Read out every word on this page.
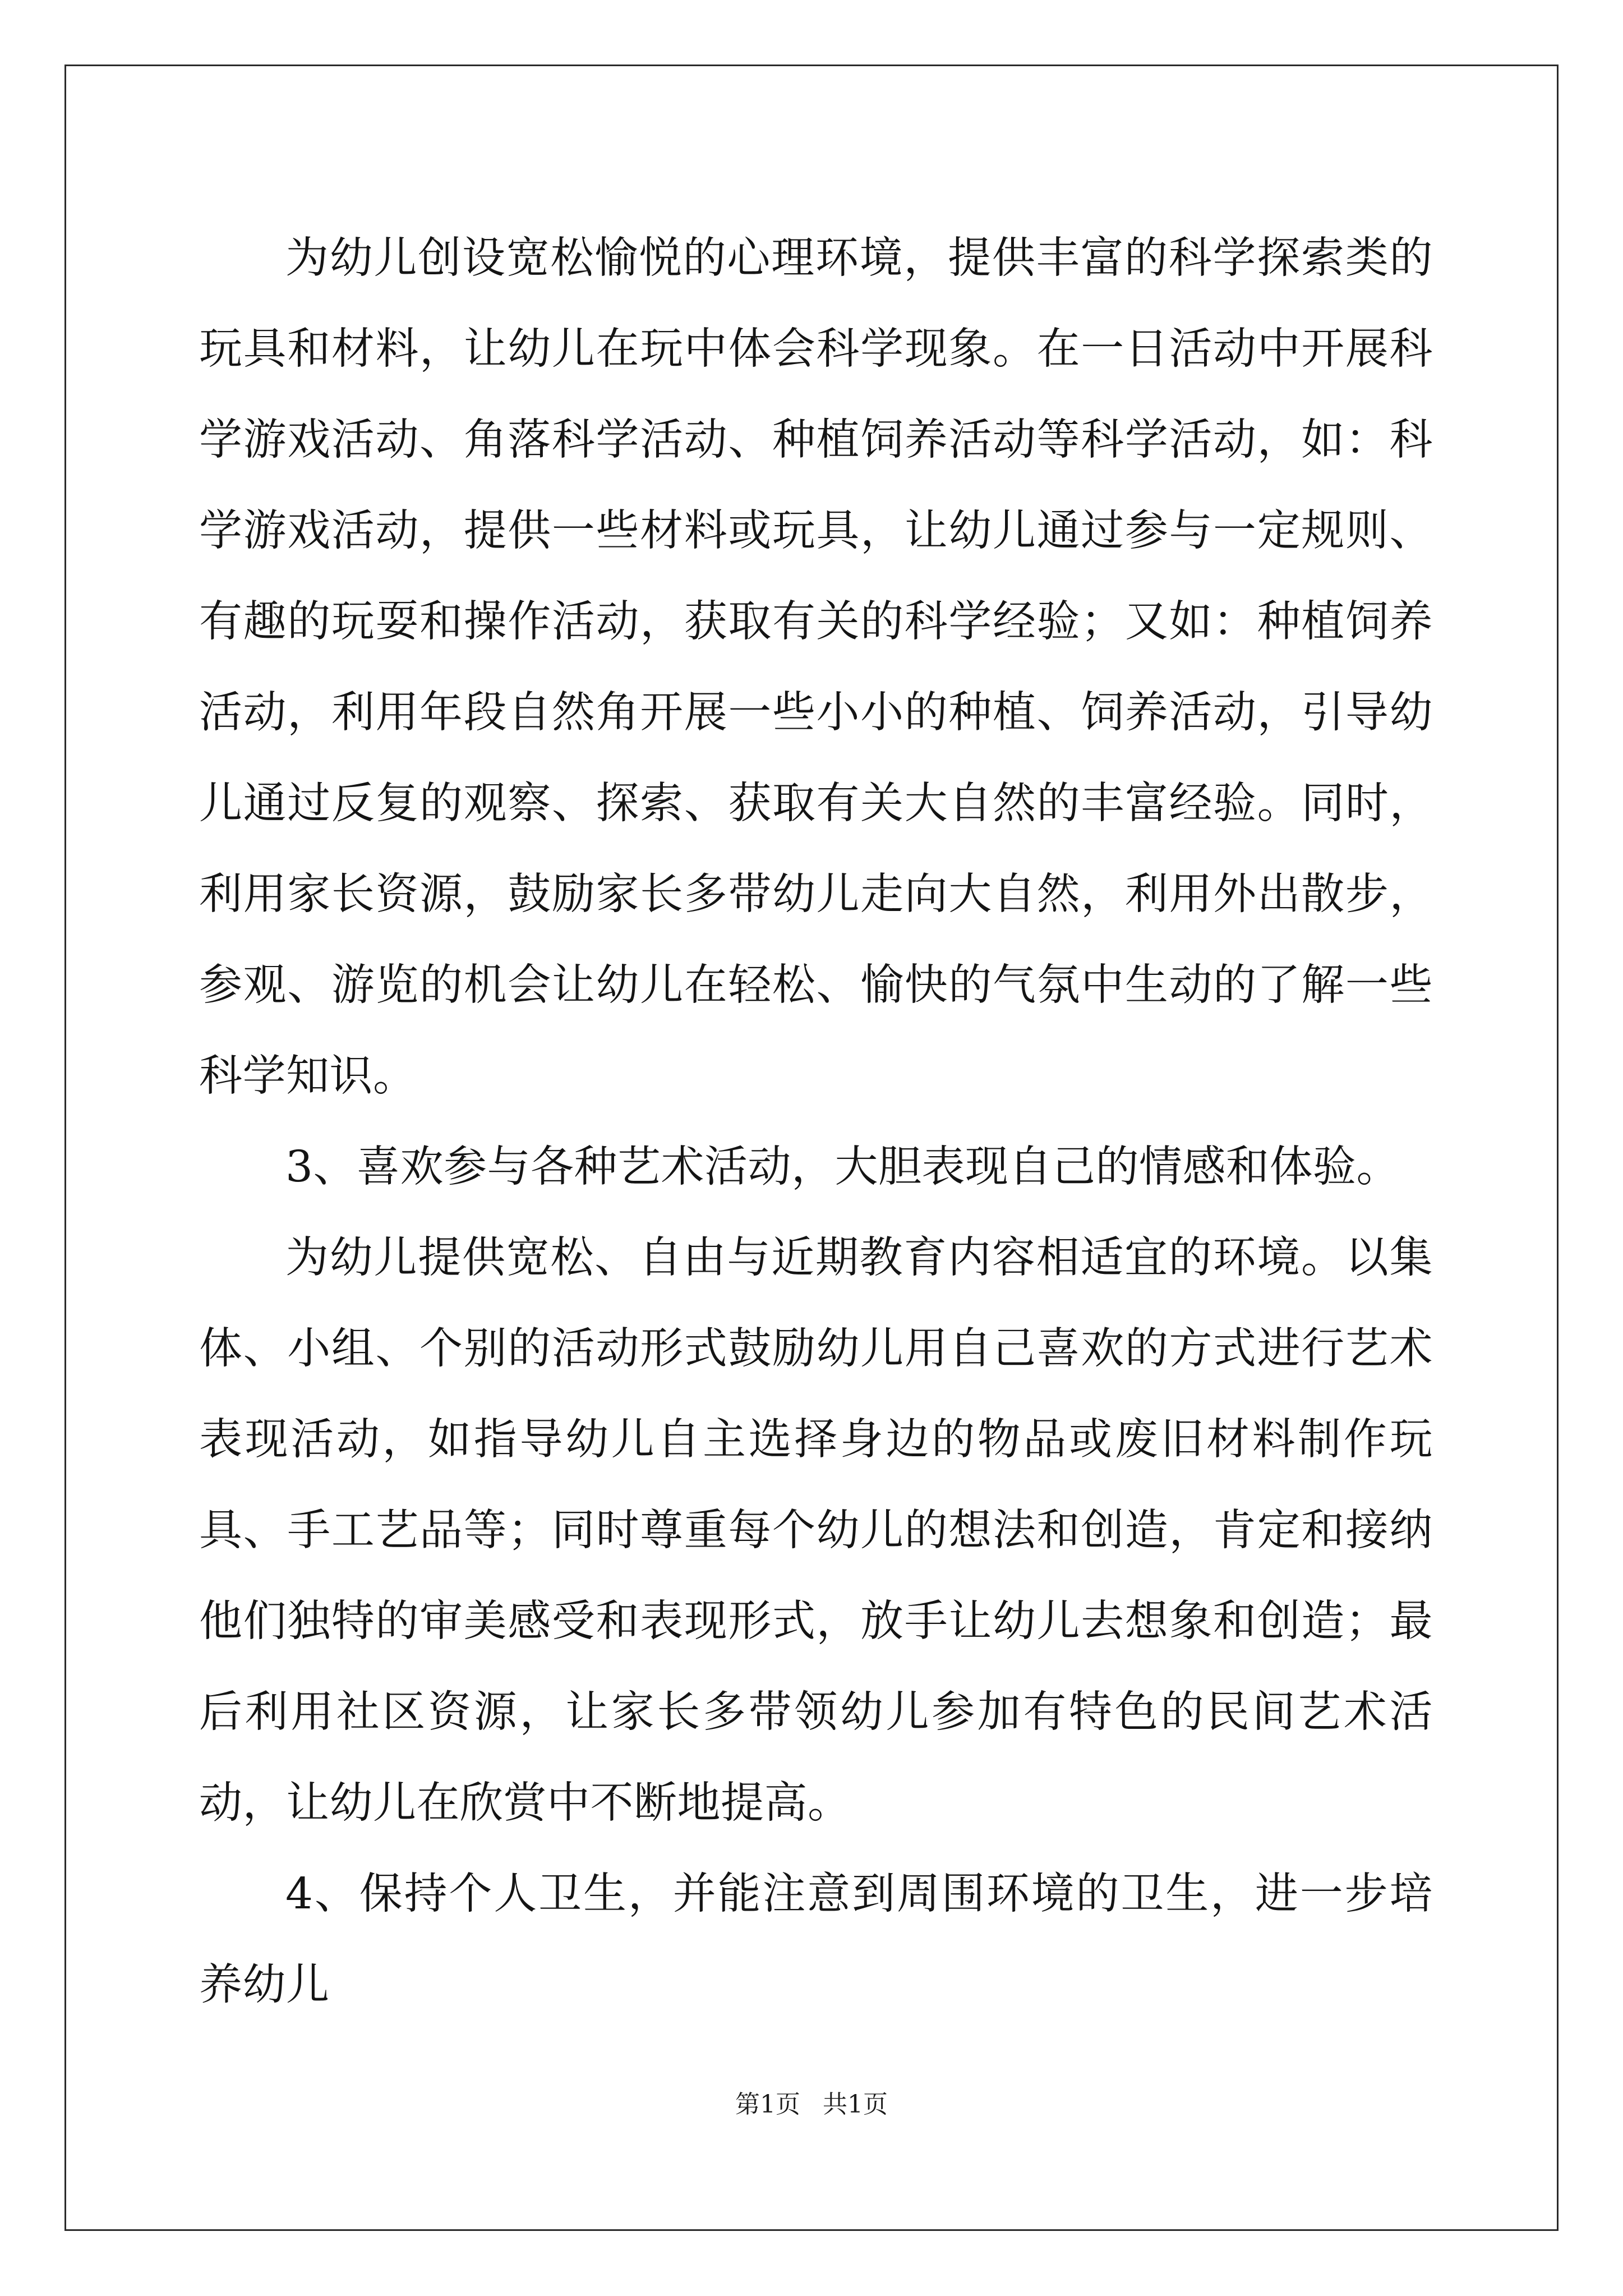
为幼儿创设宽松愉悦的心理环境，提供丰富的科学探索类的玩具和材料，让幼儿在玩中体会科学现象。在一日活动中开展科学游戏活动、角落科学活动、种植饲养活动等科学活动，如：科学游戏活动，提供一些材料或玩具，让幼儿通过参与一定规则、有趣的玩耍和操作活动，获取有关的科学经验；又如：种植饲养活动，利用年段自然角开展一些小小的种植、饲养活动，引导幼儿通过反复的观察、探索、获取有关大自然的丰富经验。同时，利用家长资源，鼓励家长多带幼儿走向大自然，利用外出散步，参观、游览的机会让幼儿在轻松、愉快的气氛中生动的了解一些科学知识。

3、喜欢参与各种艺术活动，大胆表现自己的情感和体验。

为幼儿提供宽松、自由与近期教育内容相适宜的环境。以集体、小组、个别的活动形式鼓励幼儿用自己喜欢的方式进行艺术表现活动，如指导幼儿自主选择身边的物品或废旧材料制作玩具、手工艺品等；同时尊重每个幼儿的想法和创造，肯定和接纳他们独特的审美感受和表现形式，放手让幼儿去想象和创造；最后利用社区资源，让家长多带领幼儿参加有特色的民间艺术活动，让幼儿在欣赏中不断地提高。

4、保持个人卫生，并能注意到周围环境的卫生，进一步培养幼儿

第1页 共1页
